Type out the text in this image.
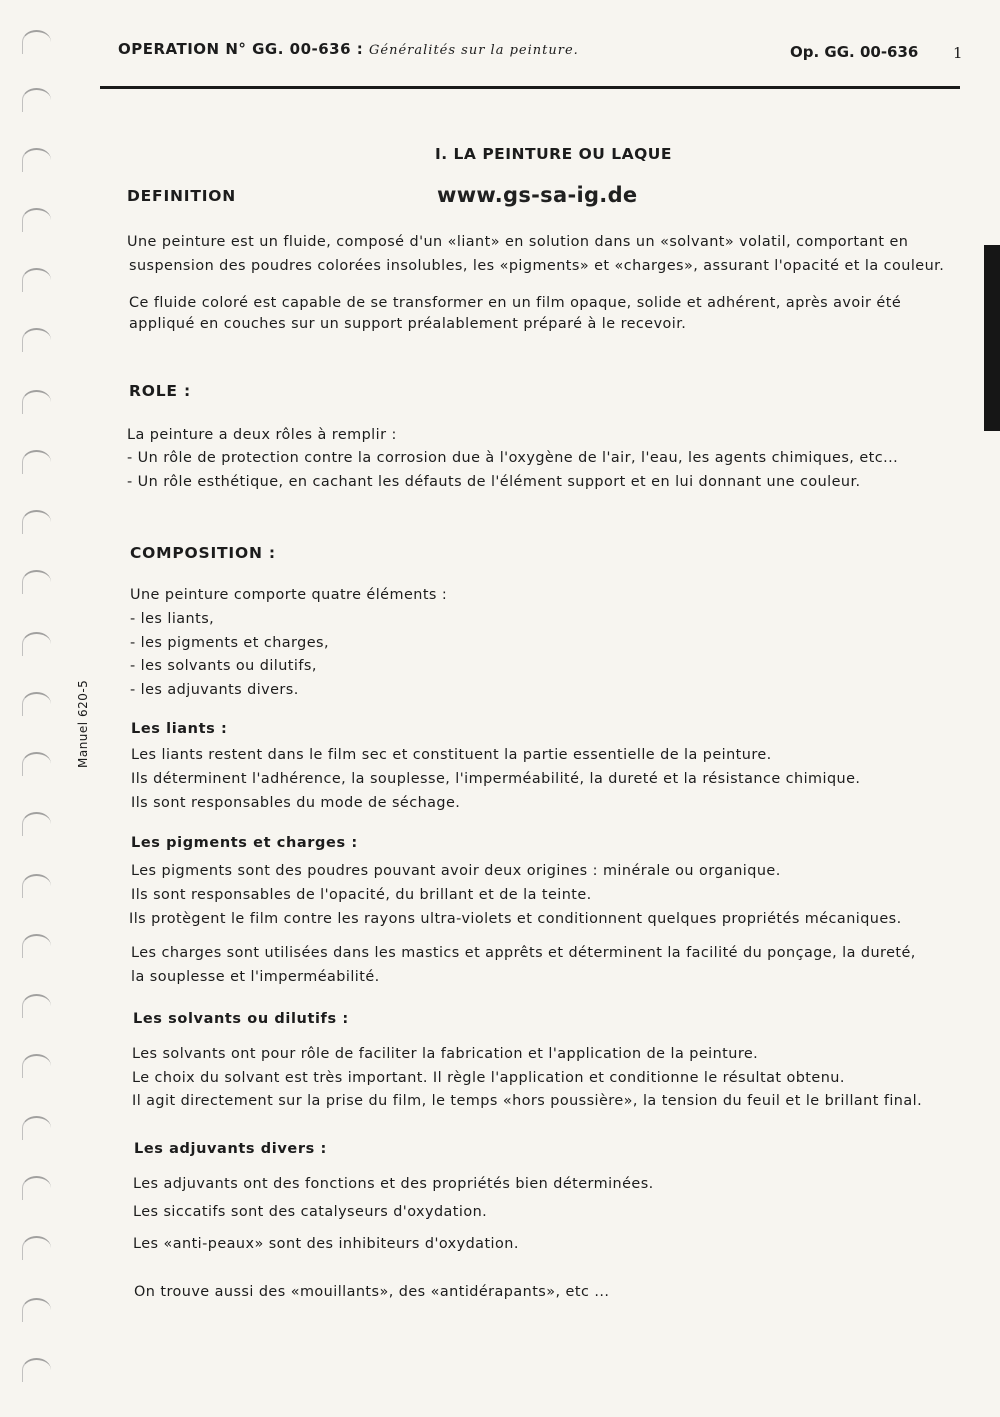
OPERATION N° GG. 00-636 : Généralités sur la peinture.	Op. GG. 00-636 1
I. LA PEINTURE OU LAQUE
www.gs-sa-ig.de
Manuel 620-5
DEFINITION
Une peinture est un fluide, composé d'un «liant» en solution dans un «solvant» volatil, comportant en
suspension des poudres colorées insolubles, les «pigments» et «charges», assurant l'opacité et la couleur.
Ce fluide coloré est capable de se transformer en un film opaque, solide et adhérent, après avoir été
appliqué en couches sur un support préalablement préparé à le recevoir.
ROLE :
La peinture a deux rôles à remplir :
- Un rôle de protection contre la corrosion due à l'oxygène de l'air, l'eau, les agents chimiques, etc...
- Un rôle esthétique, en cachant les défauts de l'élément support et en lui donnant une couleur.
COMPOSITION :
Une peinture comporte quatre éléments :
- les liants,
- les pigments et charges,
- les solvants ou dilutifs,
- les adjuvants divers.
Les liants :
Les liants restent dans le film sec et constituent la partie essentielle de la peinture.
Ils déterminent l'adhérence, la souplesse, l'imperméabilité, la dureté et la résistance chimique.
Ils sont responsables du mode de séchage.
Les pigments et charges :
Les pigments sont des poudres pouvant avoir deux origines : minérale ou organique.
Ils sont responsables de l'opacité, du brillant et de la teinte.
Ils protègent le film contre les rayons ultra-violets et conditionnent quelques propriétés mécaniques.
Les charges sont utilisées dans les mastics et apprêts et déterminent la facilité du ponçage, la dureté,
la souplesse et l'imperméabilité.
Les solvants ou dilutifs :
Les solvants ont pour rôle de faciliter la fabrication et l'application de la peinture.
Le choix du solvant est très important. Il règle l'application et conditionne le résultat obtenu.
Il agit directement sur la prise du film, le temps «hors poussière», la tension du feuil et le brillant final.
Les adjuvants divers :
Les adjuvants ont des fonctions et des propriétés bien déterminées.
Les siccatifs sont des catalyseurs d'oxydation.
Les «anti-peaux» sont des inhibiteurs d'oxydation.
On trouve aussi des «mouillants», des «antidérapants», etc ...
